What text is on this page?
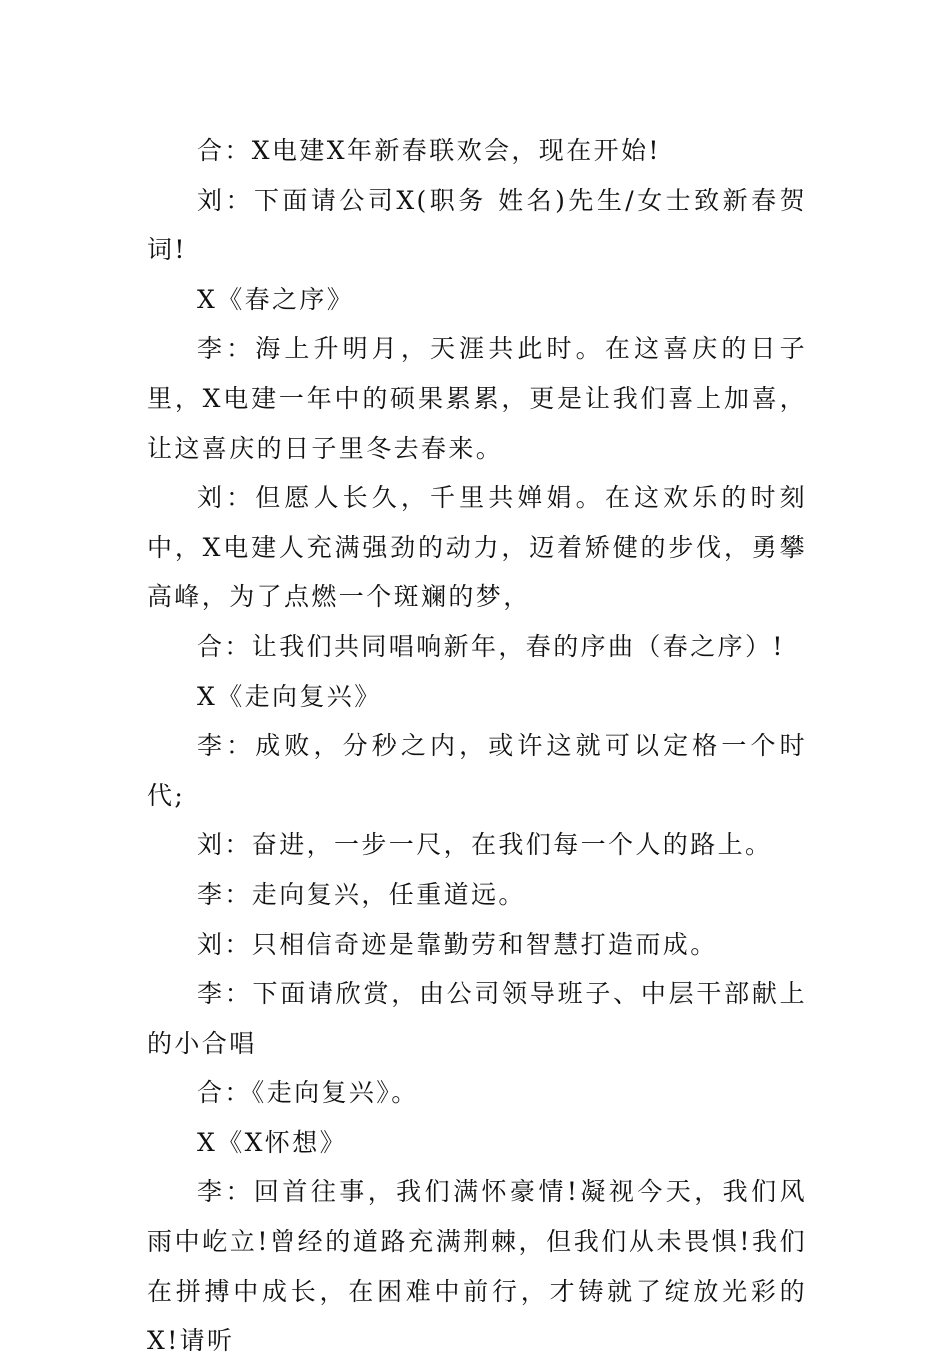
合：X电建X年新春联欢会，现在开始!

刘：下面请公司X(职务 姓名)先生/女士致新春贺词!

X《春之序》

李：海上升明月，天涯共此时。在这喜庆的日子里，X电建一年中的硕果累累，更是让我们喜上加喜，让这喜庆的日子里冬去春来。

刘：但愿人长久，千里共婵娟。在这欢乐的时刻中，X电建人充满强劲的动力，迈着矫健的步伐，勇攀高峰，为了点燃一个斑斓的梦，

合：让我们共同唱响新年，春的序曲（春之序）!

X《走向复兴》

李：成败，分秒之内，或许这就可以定格一个时代;

刘：奋进，一步一尺，在我们每一个人的路上。

李：走向复兴，任重道远。

刘：只相信奇迹是靠勤劳和智慧打造而成。

李：下面请欣赏，由公司领导班子、中层干部献上的小合唱

合：《走向复兴》。

X《X怀想》

李：回首往事，我们满怀豪情!凝视今天，我们风雨中屹立!曾经的道路充满荆棘，但我们从未畏惧!我们在拼搏中成长，在困难中前行，才铸就了绽放光彩的X!请听
